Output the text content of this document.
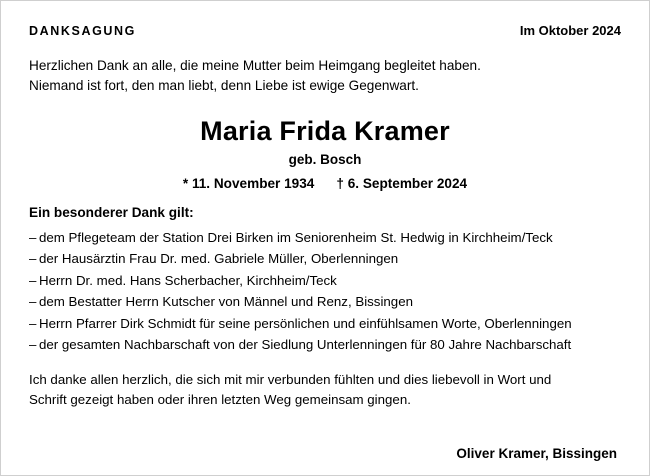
DANKSAGUNG	Im Oktober 2024
Herzlichen Dank an alle, die meine Mutter beim Heimgang begleitet haben.
Niemand ist fort, den man liebt, denn Liebe ist ewige Gegenwart.
Maria Frida Kramer
geb. Bosch
* 11. November 1934 † 6. September 2024
Ein besonderer Dank gilt:
– dem Pflegeteam der Station Drei Birken im Seniorenheim St. Hedwig in Kirchheim/Teck
– der Hausärztin Frau Dr. med. Gabriele Müller, Oberlenningen
– Herrn Dr. med. Hans Scherbacher, Kirchheim/Teck
– dem Bestatter Herrn Kutscher von Männel und Renz, Bissingen
– Herrn Pfarrer Dirk Schmidt für seine persönlichen und einfühlsamen Worte, Oberlenningen
– der gesamten Nachbarschaft von der Siedlung Unterlenningen für 80 Jahre Nachbarschaft
Ich danke allen herzlich, die sich mit mir verbunden fühlten und dies liebevoll in Wort und
Schrift gezeigt haben oder ihren letzten Weg gemeinsam gingen.
Oliver Kramer, Bissingen
